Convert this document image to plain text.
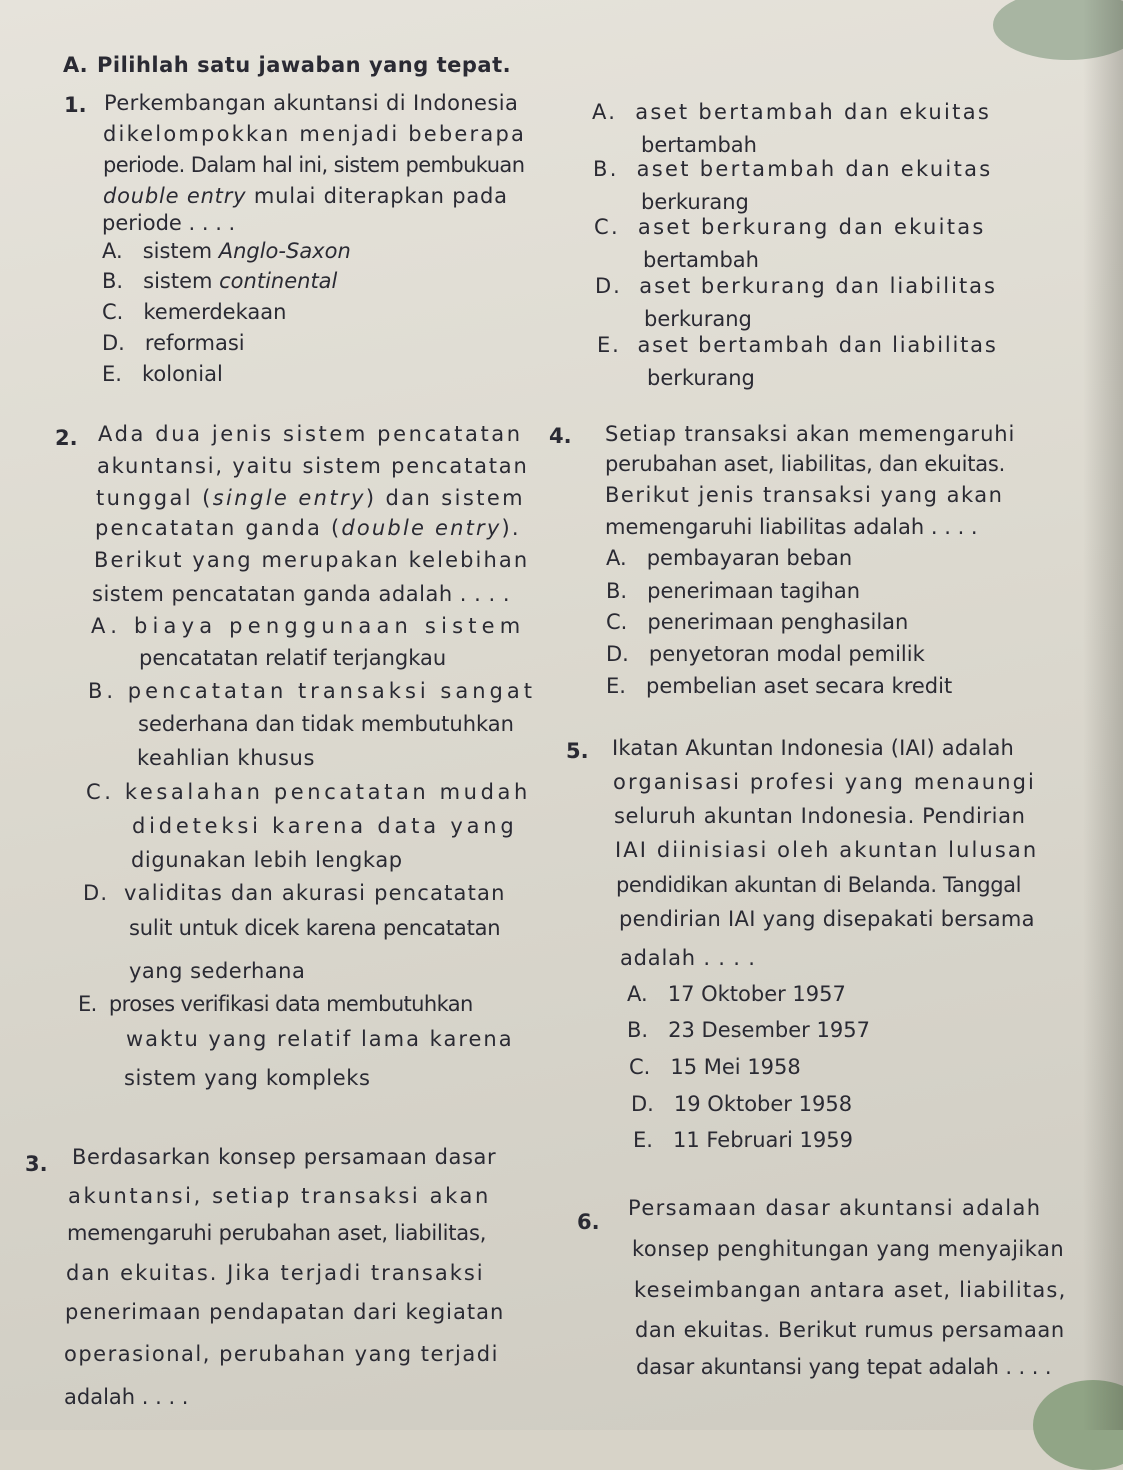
A. Pilihlah satu jawaban yang tepat.
1. Perkembangan akuntansi di Indonesia
dikelompokkan menjadi beberapa
periode. Dalam hal ini, sistem pembukuan
double entry mulai diterapkan pada
periode . . . .
A. sistem Anglo-Saxon
B. sistem continental
C. kemerdekaan
D. reformasi
E. kolonial
A. aset bertambah dan ekuitas
bertambah
B. aset bertambah dan ekuitas
berkurang
C. aset berkurang dan ekuitas
bertambah
D. aset berkurang dan liabilitas
berkurang
E. aset bertambah dan liabilitas
berkurang
2. Ada dua jenis sistem pencatatan
akuntansi, yaitu sistem pencatatan
tunggal (single entry) dan sistem
pencatatan ganda (double entry).
Berikut yang merupakan kelebihan
sistem pencatatan ganda adalah . . . .
A. biaya penggunaan sistem
pencatatan relatif terjangkau
B. pencatatan transaksi sangat
sederhana dan tidak membutuhkan
keahlian khusus
C. kesalahan pencatatan mudah
dideteksi karena data yang
digunakan lebih lengkap
D. validitas dan akurasi pencatatan
sulit untuk dicek karena pencatatan
yang sederhana
E. proses verifikasi data membutuhkan
waktu yang relatif lama karena
sistem yang kompleks
4. Setiap transaksi akan memengaruhi
perubahan aset, liabilitas, dan ekuitas.
Berikut jenis transaksi yang akan
memengaruhi liabilitas adalah . . . .
A. pembayaran beban
B. penerimaan tagihan
C. penerimaan penghasilan
D. penyetoran modal pemilik
E. pembelian aset secara kredit
5. Ikatan Akuntan Indonesia (IAI) adalah
organisasi profesi yang menaungi
seluruh akuntan Indonesia. Pendirian
IAI diinisiasi oleh akuntan lulusan
pendidikan akuntan di Belanda. Tanggal
pendirian IAI yang disepakati bersama
adalah . . . .
A. 17 Oktober 1957
B. 23 Desember 1957
C. 15 Mei 1958
D. 19 Oktober 1958
E. 11 Februari 1959
3. Berdasarkan konsep persamaan dasar
akuntansi, setiap transaksi akan
memengaruhi perubahan aset, liabilitas,
dan ekuitas. Jika terjadi transaksi
penerimaan pendapatan dari kegiatan
operasional, perubahan yang terjadi
adalah . . . .
6.
Persamaan dasar akuntansi adalah
konsep penghitungan yang menyajikan
keseimbangan antara aset, liabilitas,
dan ekuitas. Berikut rumus persamaan
dasar akuntansi yang tepat adalah . . . .
